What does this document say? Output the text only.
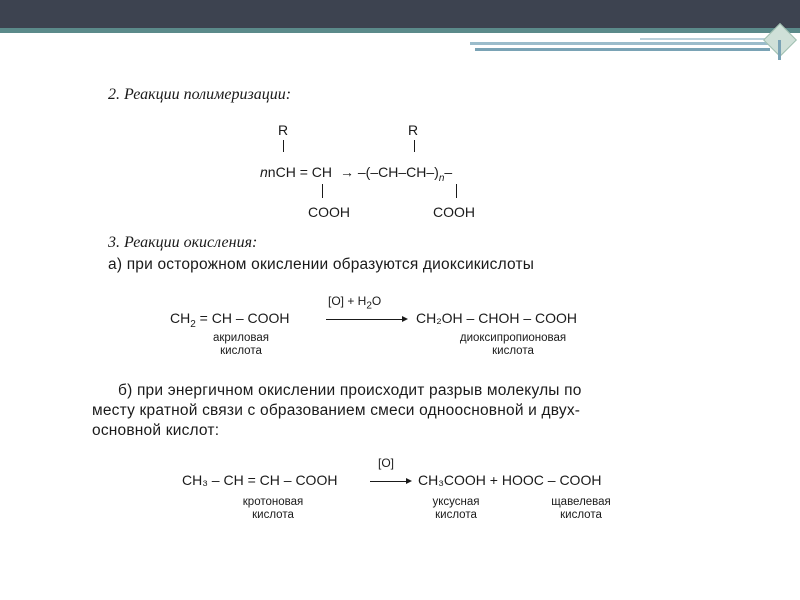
2. Реакции полимеризации:
R	R
nnCH = CH → $-(-CH-CH-)_n-$
COOH	COOH
3. Реакции окисления:
а) при осторожном окислении образуются диоксикислоты
$CH_2$ = CH – COOH
$[O] + H_2O$
CH₂OH – CHOH – COOH
акриловая
кислота
диоксипропионовая
кислота
б) при энергичном окислении происходит разрыв молекулы по
месту кратной связи с образованием смеси одноосновной и двух-
основной кислот:
CH₃ – CH = CH – COOH
[O]
CH₃COOH + HOOC – COOH
кротоновая
кислота
уксусная
кислота
щавелевая
кислота
